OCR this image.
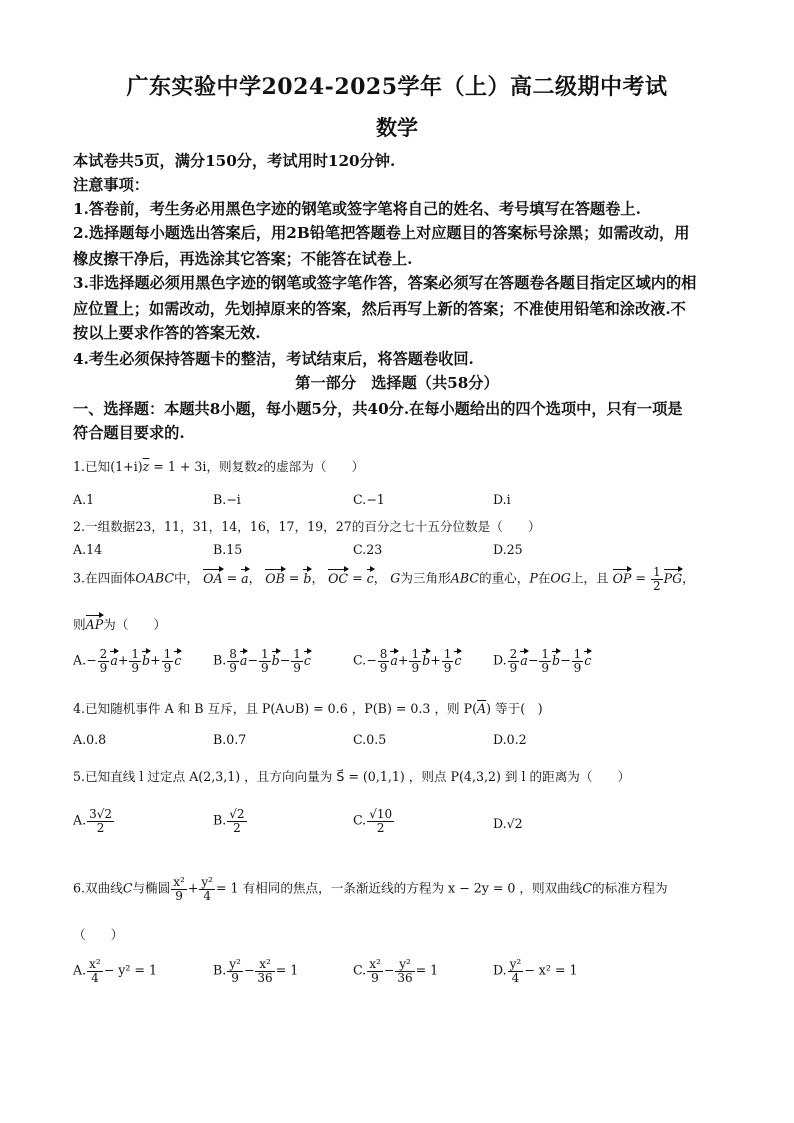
广东实验中学2024-2025学年（上）高二级期中考试
数学
本试卷共5页，满分150分，考试用时120分钟.
注意事项：
1.答卷前，考生务必用黑色字迹的钢笔或签字笔将自己的姓名、考号填写在答题卷上.
2.选择题每小题选出答案后，用2B铅笔把答题卷上对应题目的答案标号涂黑；如需改动，用
橡皮擦干净后，再选涂其它答案；不能答在试卷上.
3.非选择题必须用黑色字迹的钢笔或签字笔作答，答案必须写在答题卷各题目指定区域内的相
应位置上；如需改动，先划掉原来的答案，然后再写上新的答案；不准使用铅笔和涂改液.不
按以上要求作答的答案无效.
4.考生必须保持答题卡的整洁，考试结束后，将答题卷收回.
第一部分　选择题（共58分）
一、选择题：本题共8小题，每小题5分，共40分.在每小题给出的四个选项中，只有一项是
符合题目要求的.
1.已知$(1+i)\overline{z} = 1 + 3i$，则复数z的虚部为（　　）
A.1	B.−i	C.−1	D.i
2.一组数据23，11，31，14，16，17，19，27的百分之七十五分位数是（　　）
A.14	B.15	C.23	D.25
3.在四面体OABC中， OA = a， OB = b， OC = c， G为三角形ABC的重心，P在OG上，且 OP = $\frac{1}{2}$ PG，
则AP为（　　）
$A.- \frac{2}{9} a+ \frac{1}{9} b+ \frac{1}{9}$ c	B. $\frac{8}{9} a- \frac{1}{9} b- \frac{1}{9}$ c	$C.- \frac{8}{9} a+ \frac{1}{9} b+ \frac{1}{9}$ c	D. $\frac{2}{9} a- \frac{1}{9} b- \frac{1}{9}$ c
4.已知随机事件 A 和 B 互斥，且 P(A∪B) = 0.6 ，P(B) = 0.3 ，则 $P(\overline{A})$ 等于(　)
A.0.8	B.0.7	C.0.5	D.0.2
5.已知直线 l 过定点 A(2,3,1) ，且方向向量为 S⃗ = (0,1,1) ，则点 P(4,3,2) 到 l 的距离为（　　）
A. $\frac{3√2}{2}$	B. $\frac{√2}{2}$	C. $\frac{√10}{2}$	D.√2
6.双曲线C与椭圆 $\frac{\text{x²}}{9} + \frac{\text{y²}}{4} = 1$ 有相同的焦点，一条渐近线的方程为 x − 2y = 0 ，则双曲线C的标准方程为
（　　）
A. $\frac{\text{x²}}{4} - y^2 = 1$	B. $\frac{\text{y²}}{9} - \frac{\text{x²}}{36} = 1$	C. $\frac{\text{x²}}{9} - \frac{\text{y²}}{36} = 1$	D. $\frac{\text{y²}}{4} - x^2 = 1$
